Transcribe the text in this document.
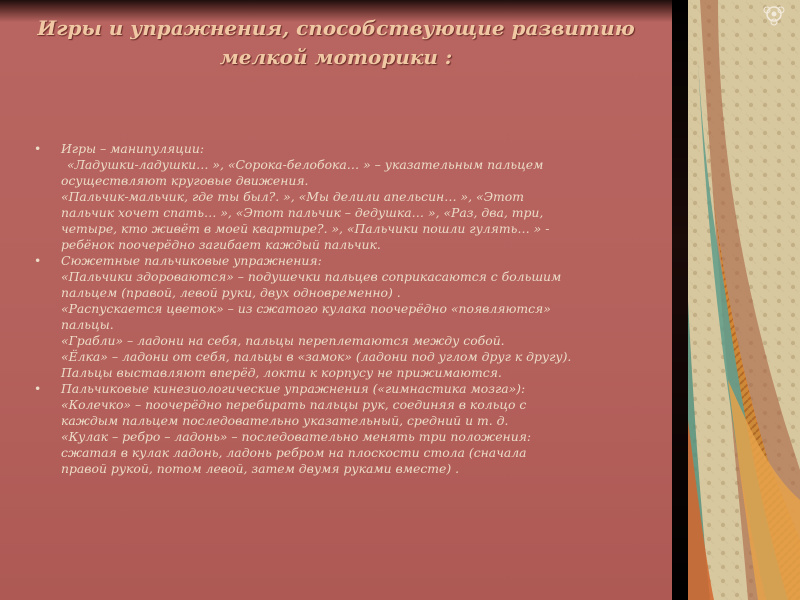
Игры и упражнения, способствующие развитию
мелкой моторики :
• Игры – манипуляции:
«Ладушки-ладушки… », «Сорока-белобока… » – указательным пальцем
осуществляют круговые движения.
«Пальчик-мальчик, где ты был?. », «Мы делили апельсин… », «Этот
пальчик хочет спать… », «Этот пальчик – дедушка… », «Раз, два, три,
четыре, кто живёт в моей квартире?. », «Пальчики пошли гулять… » -
ребёнок поочерёдно загибает каждый пальчик.
• Сюжетные пальчиковые упражнения:
«Пальчики здороваются» – подушечки пальцев соприкасаются с большим
пальцем (правой, левой руки, двух одновременно) .
«Распускается цветок» – из сжатого кулака поочерёдно «появляются»
пальцы.
«Грабли» – ладони на себя, пальцы переплетаются между собой.
«Ёлка» – ладони от себя, пальцы в «замок» (ладони под углом друг к другу).
Пальцы выставляют вперёд, локти к корпусу не прижимаются.
• Пальчиковые кинезиологические упражнения («гимнастика мозга»):
«Колечко» – поочерёдно перебирать пальцы рук, соединяя в кольцо с
каждым пальцем последовательно указательный, средний и т. д.
«Кулак – ребро – ладонь» – последовательно менять три положения:
сжатая в кулак ладонь, ладонь ребром на плоскости стола (сначала
правой рукой, потом левой, затем двумя руками вместе) .
